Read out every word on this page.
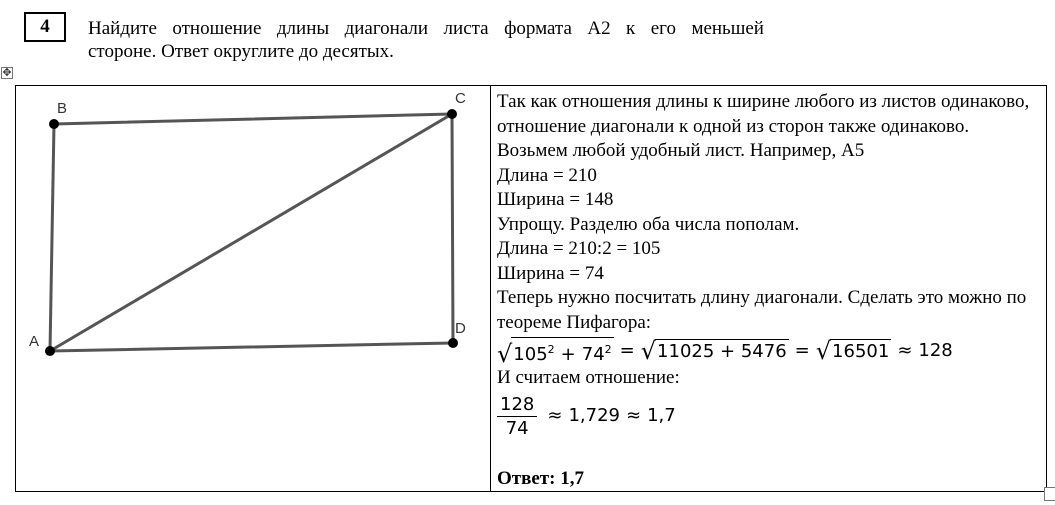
4 Найдите отношение длины диагонали листа формата А2 к его меньшей
стороне. Ответ округлите до десятых.
✥
A
B
C
D

Так как отношения длины к ширине любого из листов одинаково, отношение диагонали к одной из сторон также одинаково. Возьмем любой удобный лист. Например, А5

Длина = 210

Ширина = 148

Упрощу. Разделю оба числа пополам.

Длина = 210:2 = 105

Ширина = 74

Теперь нужно посчитать длину диагонали. Сделать это можно по теореме Пифагора:

√ $105^2 + 74^2$ = √ 11025 + 5476 = √ 16501 ≈ 128

И считаем отношение:

$\frac{128}{74} \approx 1,729 \approx 1,7$

Ответ: 1,7
